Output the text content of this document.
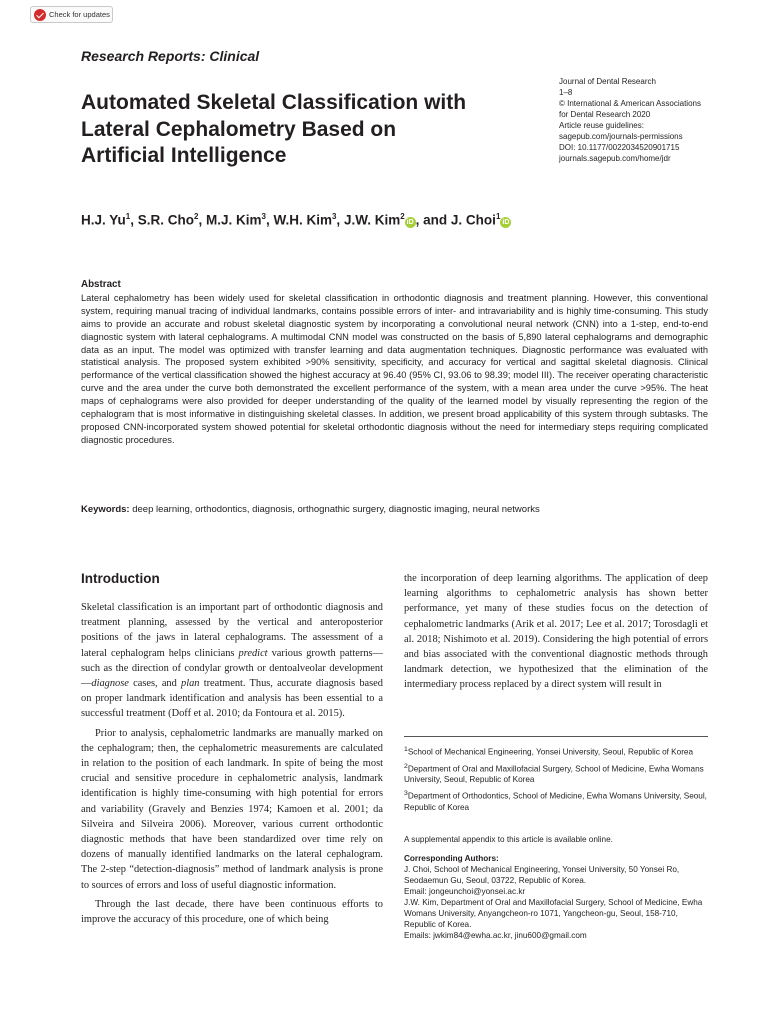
Check for updates
Research Reports: Clinical
Automated Skeletal Classification with Lateral Cephalometry Based on Artificial Intelligence
Journal of Dental Research
1–8
© International & American Associations
for Dental Research 2020
Article reuse guidelines:
sagepub.com/journals-permissions
DOI: 10.1177/0022034520901715
journals.sagepub.com/home/jdr
H.J. Yu$^1$, S.R. Cho$^2$, M.J. Kim$^3$, W.H. Kim$^3$, J.W. Kim$^2$iD , and J. Choi$^1$iD
Abstract
Lateral cephalometry has been widely used for skeletal classification in orthodontic diagnosis and treatment planning. However, this conventional system, requiring manual tracing of individual landmarks, contains possible errors of inter- and intravariability and is highly time-consuming. This study aims to provide an accurate and robust skeletal diagnostic system by incorporating a convolutional neural network (CNN) into a 1-step, end-to-end diagnostic system with lateral cephalograms. A multimodal CNN model was constructed on the basis of 5,890 lateral cephalograms and demographic data as an input. The model was optimized with transfer learning and data augmentation techniques. Diagnostic performance was evaluated with statistical analysis. The proposed system exhibited >90% sensitivity, specificity, and accuracy for vertical and sagittal skeletal diagnosis. Clinical performance of the vertical classification showed the highest accuracy at 96.40 (95% CI, 93.06 to 98.39; model III). The receiver operating characteristic curve and the area under the curve both demonstrated the excellent performance of the system, with a mean area under the curve >95%. The heat maps of cephalograms were also provided for deeper understanding of the quality of the learned model by visually representing the region of the cephalogram that is most informative in distinguishing skeletal classes. In addition, we present broad applicability of this system through subtasks. The proposed CNN-incorporated system showed potential for skeletal orthodontic diagnosis without the need for intermediary steps requiring complicated diagnostic procedures.
Keywords: deep learning, orthodontics, diagnosis, orthognathic surgery, diagnostic imaging, neural networks
Introduction

Skeletal classification is an important part of orthodontic diagnosis and treatment planning, assessed by the vertical and anteroposterior positions of the jaws in lateral cephalograms. The assessment of a lateral cephalogram helps clinicians predict various growth patterns—such as the direction of condylar growth or dentoalveolar development—diagnose cases, and plan treatment. Thus, accurate diagnosis based on proper landmark identification and analysis has been essential to a successful treatment (Doff et al. 2010; da Fontoura et al. 2015).

Prior to analysis, cephalometric landmarks are manually marked on the cephalogram; then, the cephalometric measurements are calculated in relation to the position of each landmark. In spite of being the most crucial and sensitive procedure in cephalometric analysis, landmark identification is highly time-consuming with high potential for errors and variability (Gravely and Benzies 1974; Kamoen et al. 2001; da Silveira and Silveira 2006). Moreover, various current orthodontic diagnostic methods that have been standardized over time rely on dozens of manually identified landmarks on the lateral cephalogram. The 2-step “detection-diagnosis” method of landmark analysis is prone to sources of errors and loss of useful diagnostic information.

Through the last decade, there have been continuous efforts to improve the accuracy of this procedure, one of which being

the incorporation of deep learning algorithms. The application of deep learning algorithms to cephalometric analysis has shown better performance, yet many of these studies focus on the detection of cephalometric landmarks (Arik et al. 2017; Lee et al. 2017; Torosdagli et al. 2018; Nishimoto et al. 2019). Considering the high potential of errors and bias associated with the conventional diagnostic methods through landmark detection, we hypothesized that the elimination of the intermediary process replaced by a direct system will result in

$^1$School of Mechanical Engineering, Yonsei University, Seoul, Republic of Korea

$^2$Department of Oral and Maxillofacial Surgery, School of Medicine, Ewha Womans University, Seoul, Republic of Korea

$^3$Department of Orthodontics, School of Medicine, Ewha Womans University, Seoul, Republic of Korea

A supplemental appendix to this article is available online.
Corresponding Authors:
J. Choi, School of Mechanical Engineering, Yonsei University, 50 Yonsei Ro, Seodaemun Gu, Seoul, 03722, Republic of Korea.
Email: jongeunchoi@yonsei.ac.kr
J.W. Kim, Department of Oral and Maxillofacial Surgery, School of Medicine, Ewha Womans University, Anyangcheon-ro 1071, Yangcheon-gu, Seoul, 158-710, Republic of Korea.
Emails: jwkim84@ewha.ac.kr, jinu600@gmail.com
